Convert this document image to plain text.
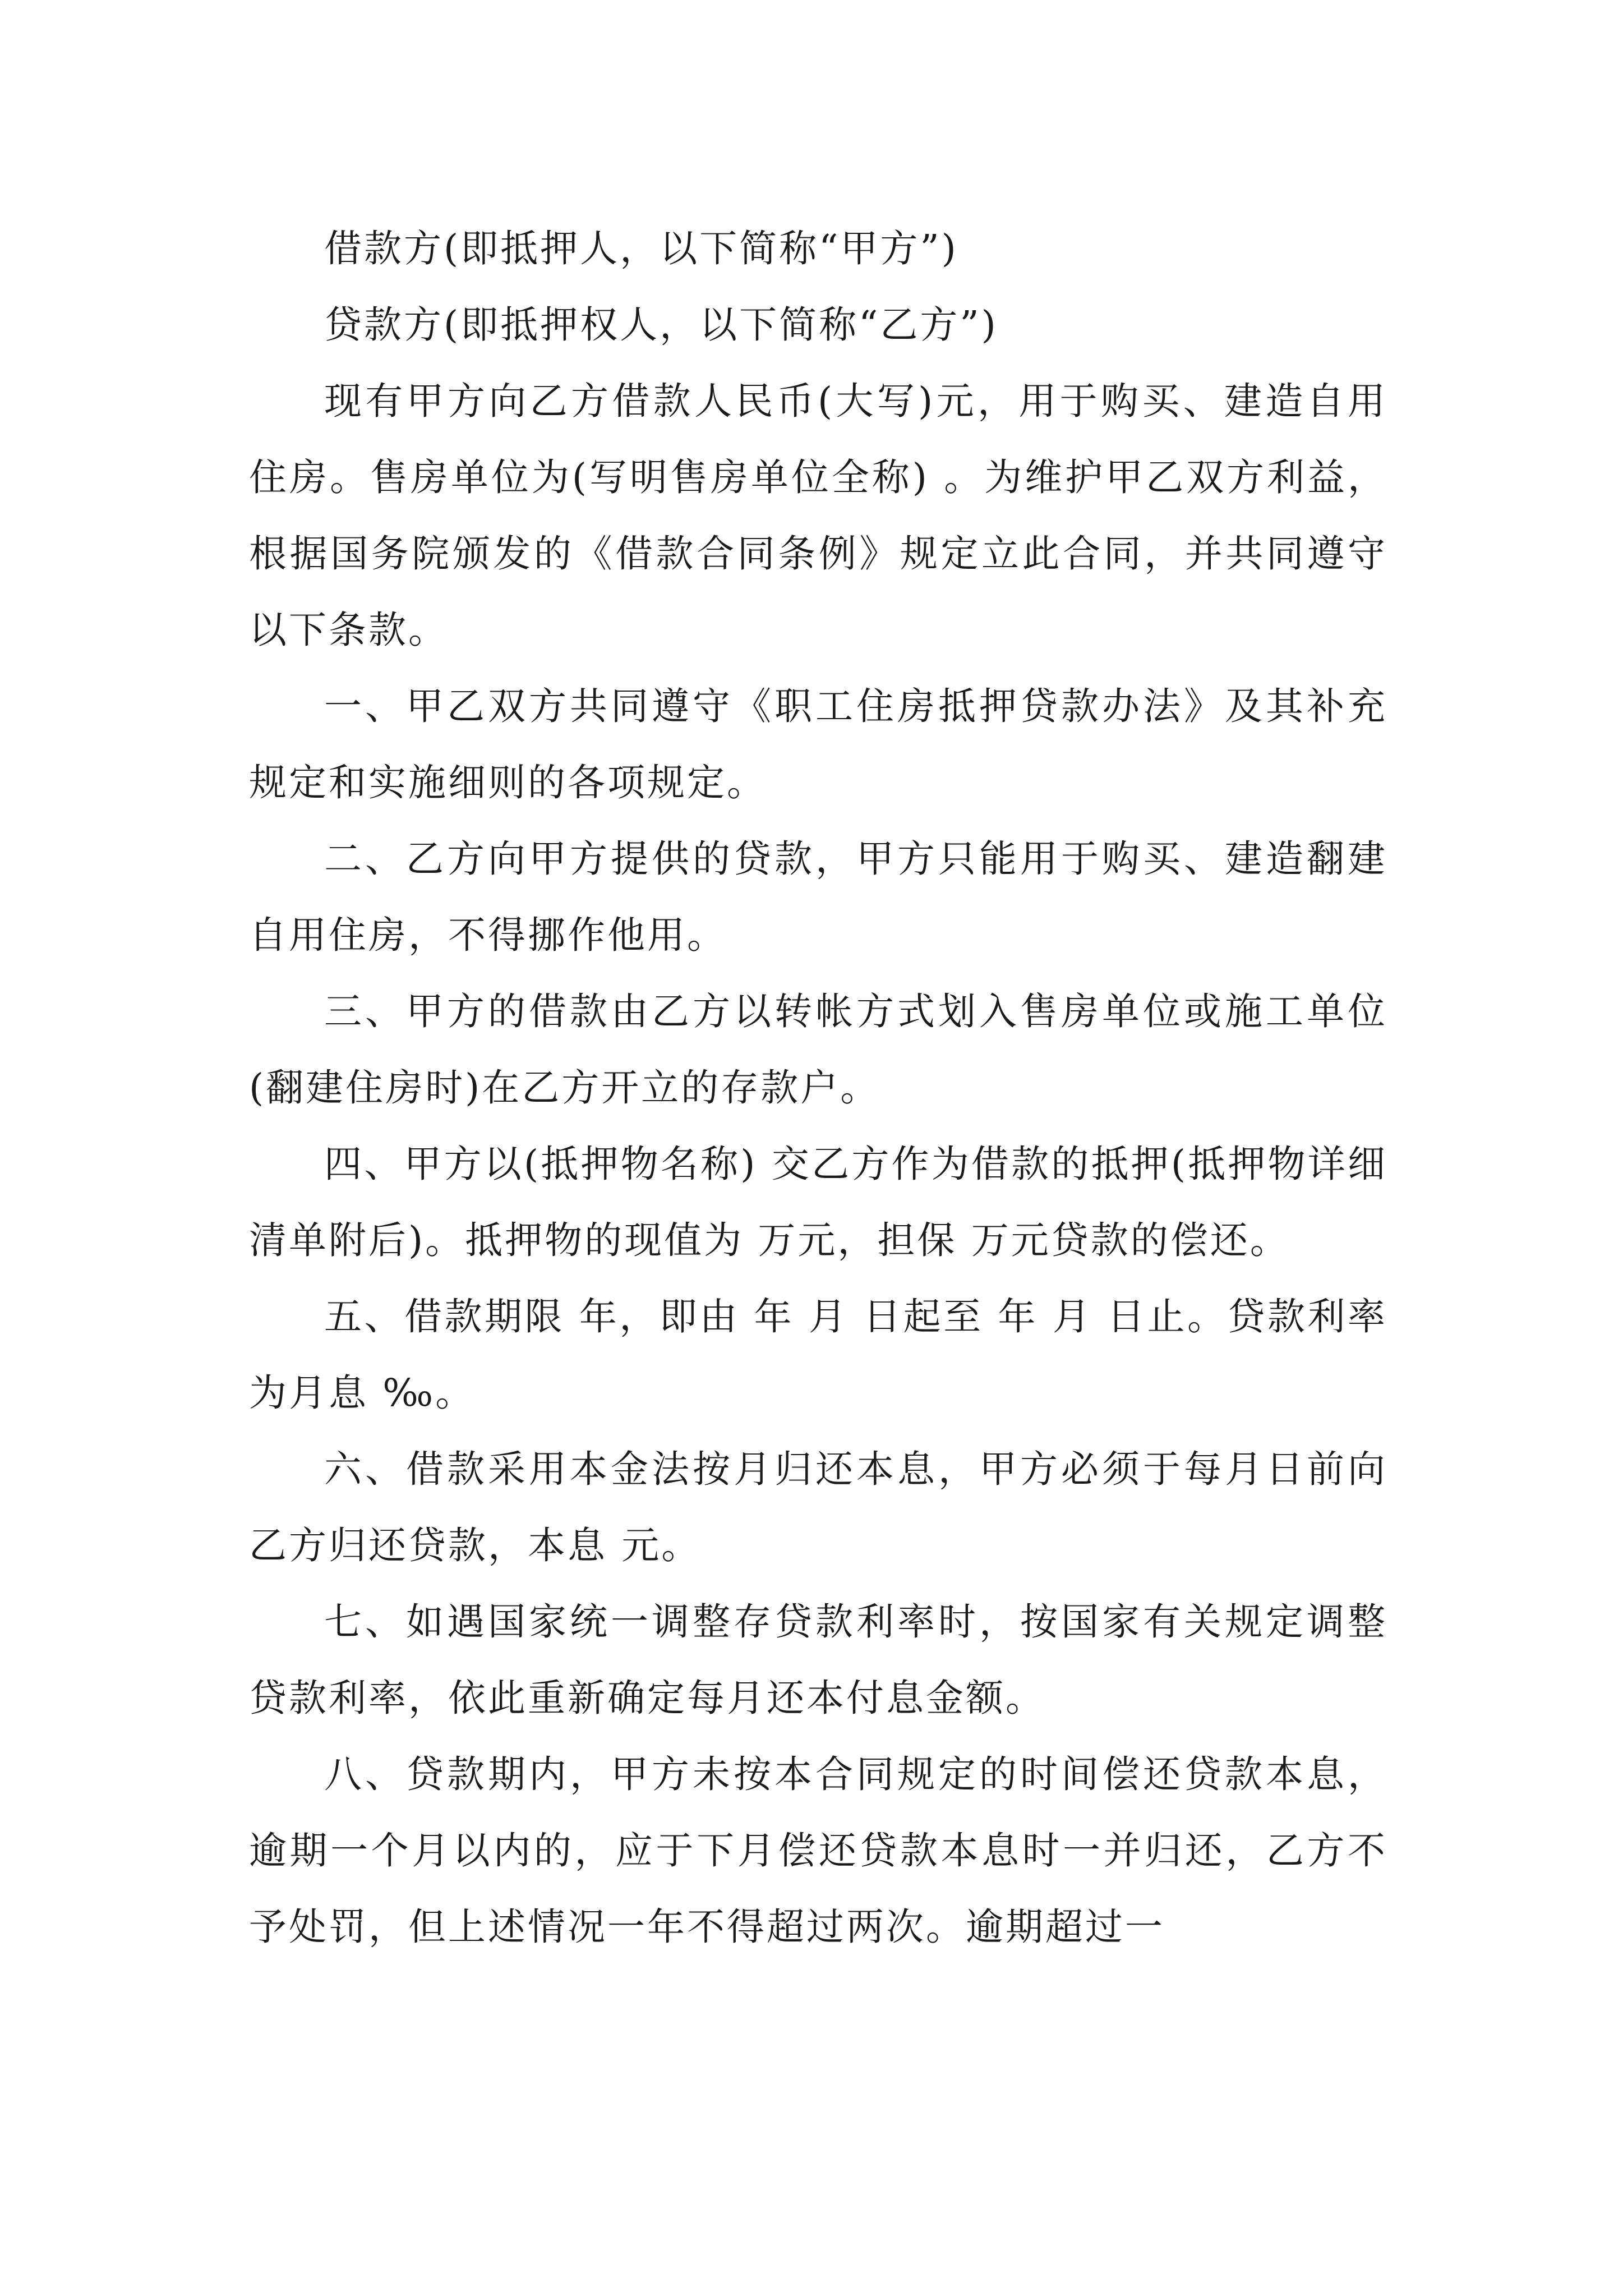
借款方(即抵押人，以下简称“甲方”)

贷款方(即抵押权人，以下简称“乙方”)

现有甲方向乙方借款人民币(大写)元，用于购买、建造自用住房。售房单位为(写明售房单位全称) 。为维护甲乙双方利益，根据国务院颁发的《借款合同条例》规定立此合同，并共同遵守以下条款。

一、甲乙双方共同遵守《职工住房抵押贷款办法》及其补充规定和实施细则的各项规定。

二、乙方向甲方提供的贷款，甲方只能用于购买、建造翻建自用住房，不得挪作他用。

三、甲方的借款由乙方以转帐方式划入售房单位或施工单位(翻建住房时)在乙方开立的存款户。

四、甲方以(抵押物名称) 交乙方作为借款的抵押(抵押物详细清单附后)。抵押物的现值为 万元，担保 万元贷款的偿还。

五、借款期限 年，即由 年 月 日起至 年 月 日止。贷款利率为月息 ‰。

六、借款采用本金法按月归还本息，甲方必须于每月日前向乙方归还贷款，本息 元。

七、如遇国家统一调整存贷款利率时，按国家有关规定调整贷款利率，依此重新确定每月还本付息金额。

八、贷款期内，甲方未按本合同规定的时间偿还贷款本息，逾期一个月以内的，应于下月偿还贷款本息时一并归还，乙方不予处罚，但上述情况一年不得超过两次。逾期超过一
